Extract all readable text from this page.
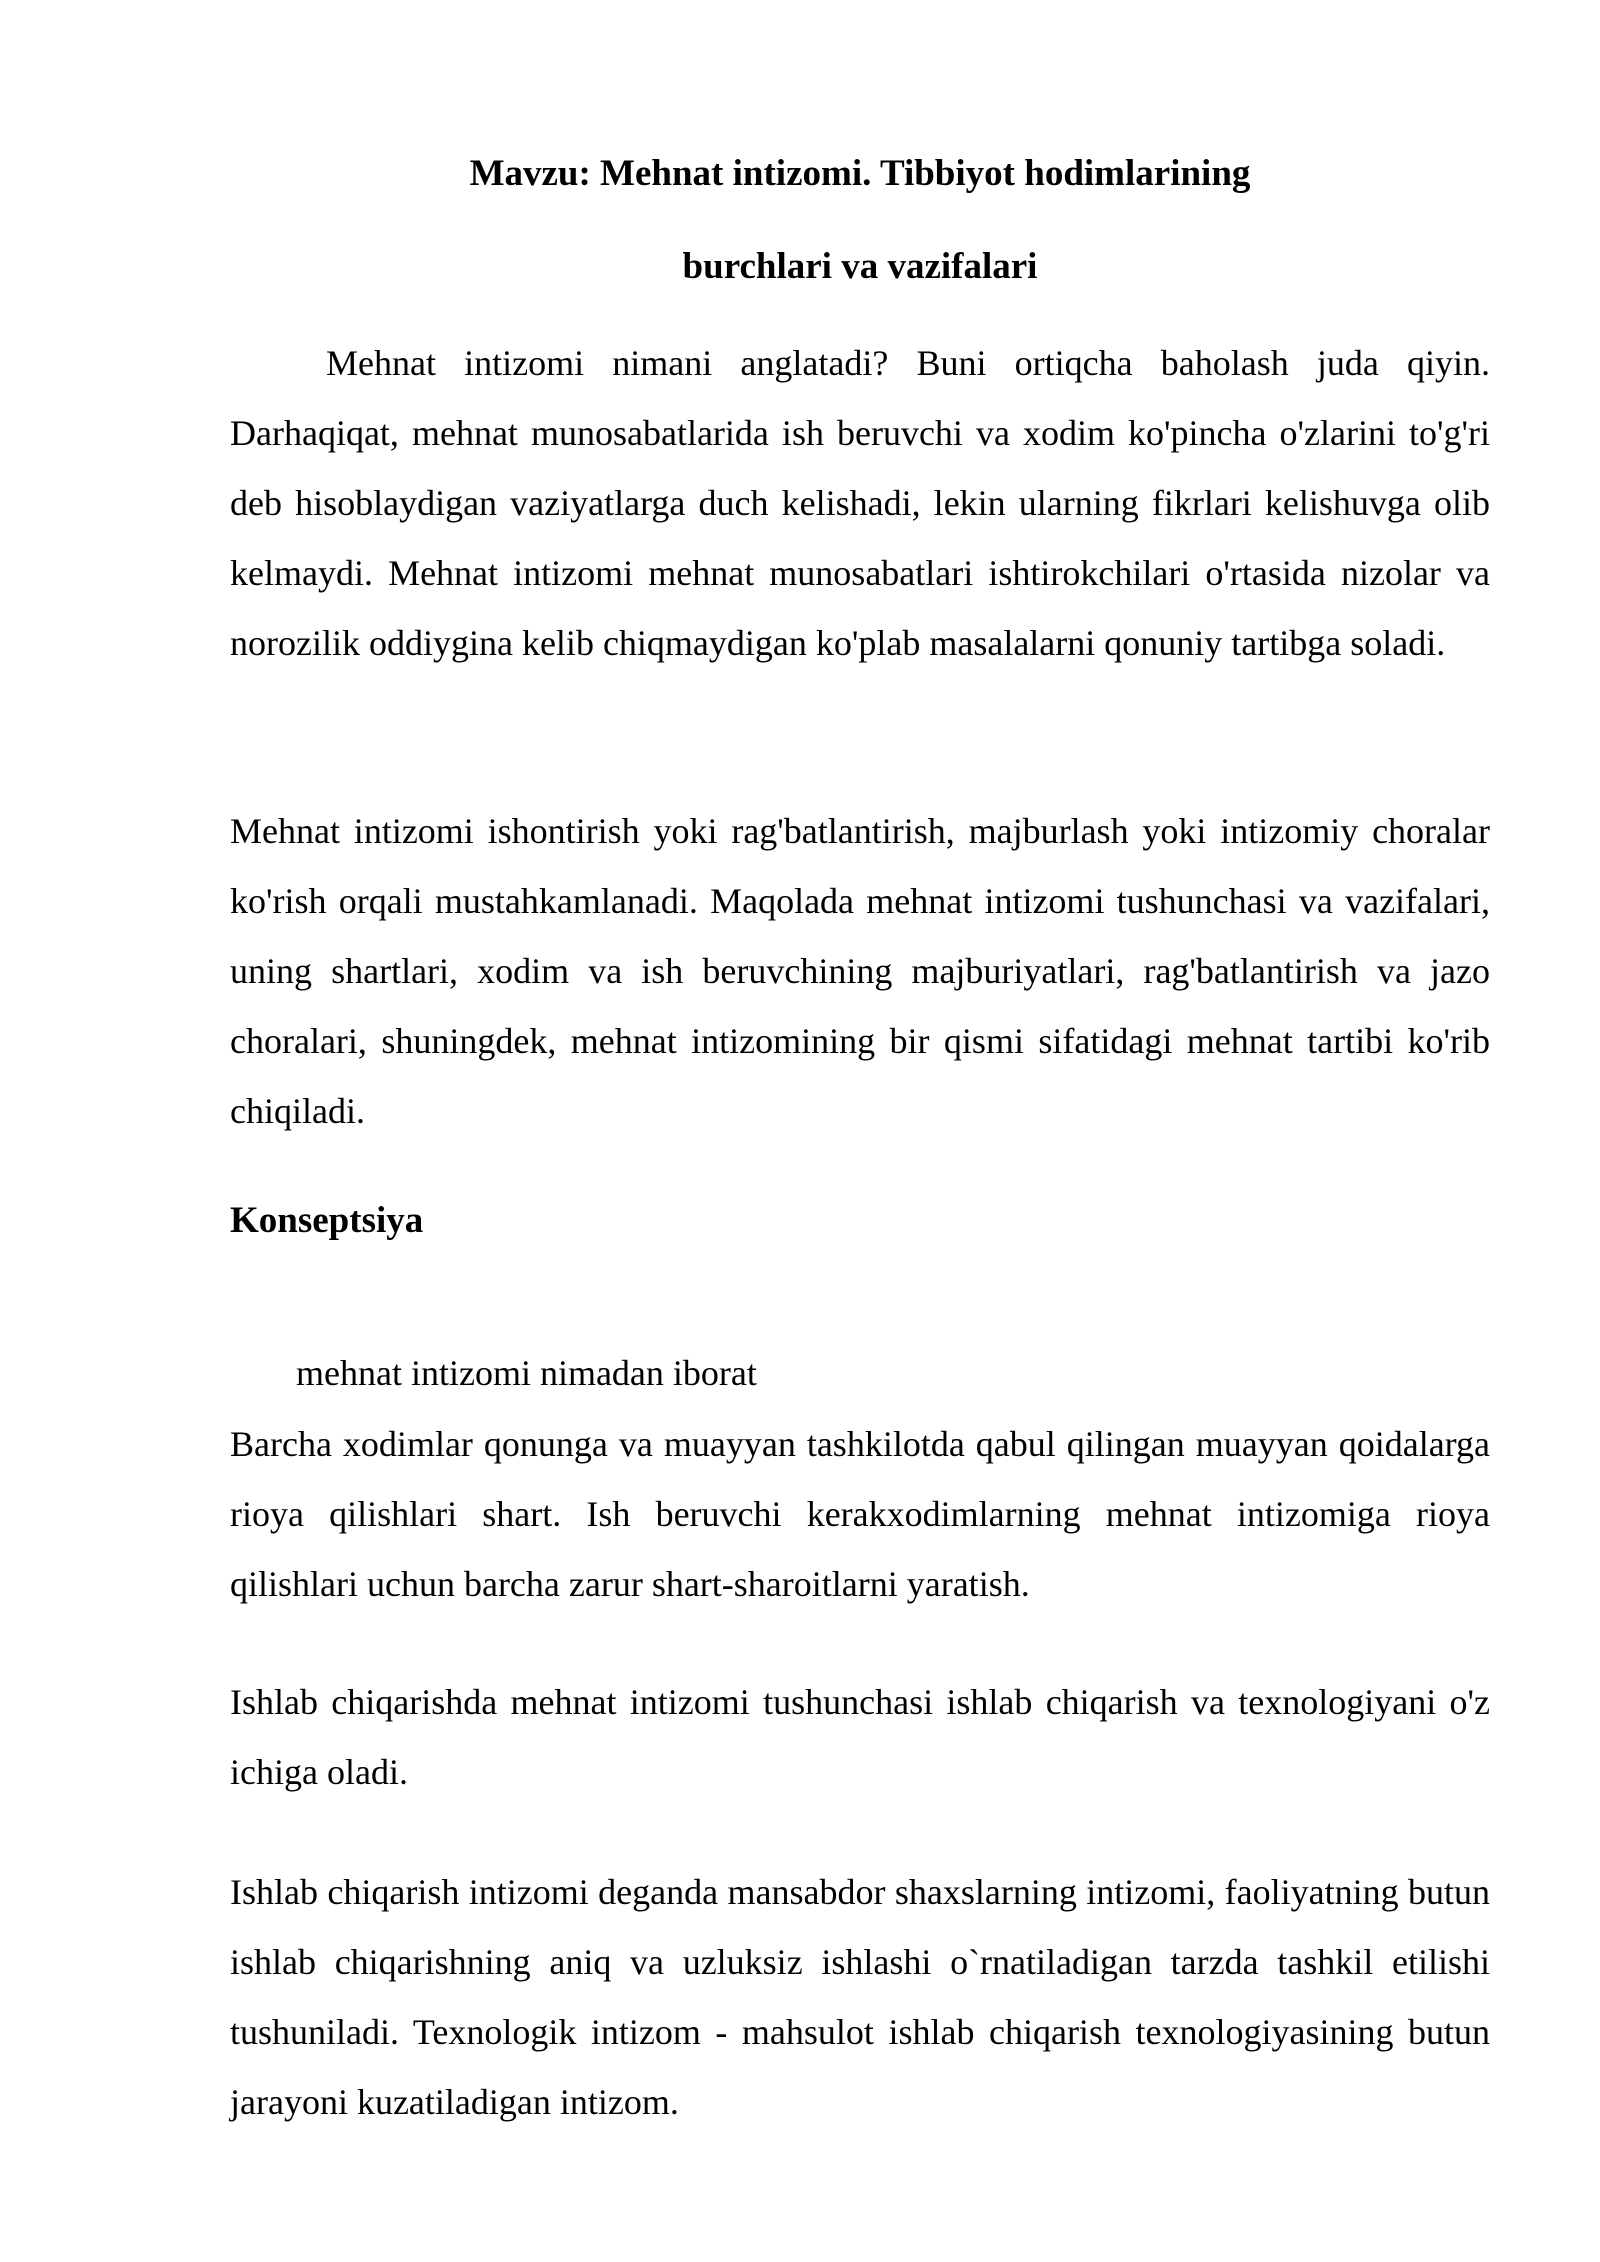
Mavzu: Mehnat intizomi. Tibbiyot hodimlarining
burchlari va vazifalari
Mehnat intizomi nimani anglatadi? Buni ortiqcha baholash juda qiyin. Darhaqiqat, mehnat munosabatlarida ish beruvchi va xodim ko'pincha o'zlarini to'g'ri deb hisoblaydigan vaziyatlarga duch kelishadi, lekin ularning fikrlari kelishuvga olib kelmaydi. Mehnat intizomi mehnat munosabatlari ishtirokchilari o'rtasida nizolar va norozilik oddiygina kelib chiqmaydigan ko'plab masalalarni qonuniy tartibga soladi.
Mehnat intizomi ishontirish yoki rag'batlantirish, majburlash yoki intizomiy choralar ko'rish orqali mustahkamlanadi. Maqolada mehnat intizomi tushunchasi va vazifalari, uning shartlari, xodim va ish beruvchining majburiyatlari, rag'batlantirish va jazo choralari, shuningdek, mehnat intizomining bir qismi sifatidagi mehnat tartibi ko'rib chiqiladi.
Konseptsiya
mehnat intizomi nimadan iborat
Barcha xodimlar qonunga va muayyan tashkilotda qabul qilingan muayyan qoidalarga rioya qilishlari shart. Ish beruvchi kerakxodimlarning mehnat intizomiga rioya qilishlari uchun barcha zarur shart-sharoitlarni yaratish.
Ishlab chiqarishda mehnat intizomi tushunchasi ishlab chiqarish va texnologiyani o'z ichiga oladi.
Ishlab chiqarish intizomi deganda mansabdor shaxslarning intizomi, faoliyatning butun ishlab chiqarishning aniq va uzluksiz ishlashi o`rnatiladigan tarzda tashkil etilishi tushuniladi. Texnologik intizom - mahsulot ishlab chiqarish texnologiyasining butun jarayoni kuzatiladigan intizom.
